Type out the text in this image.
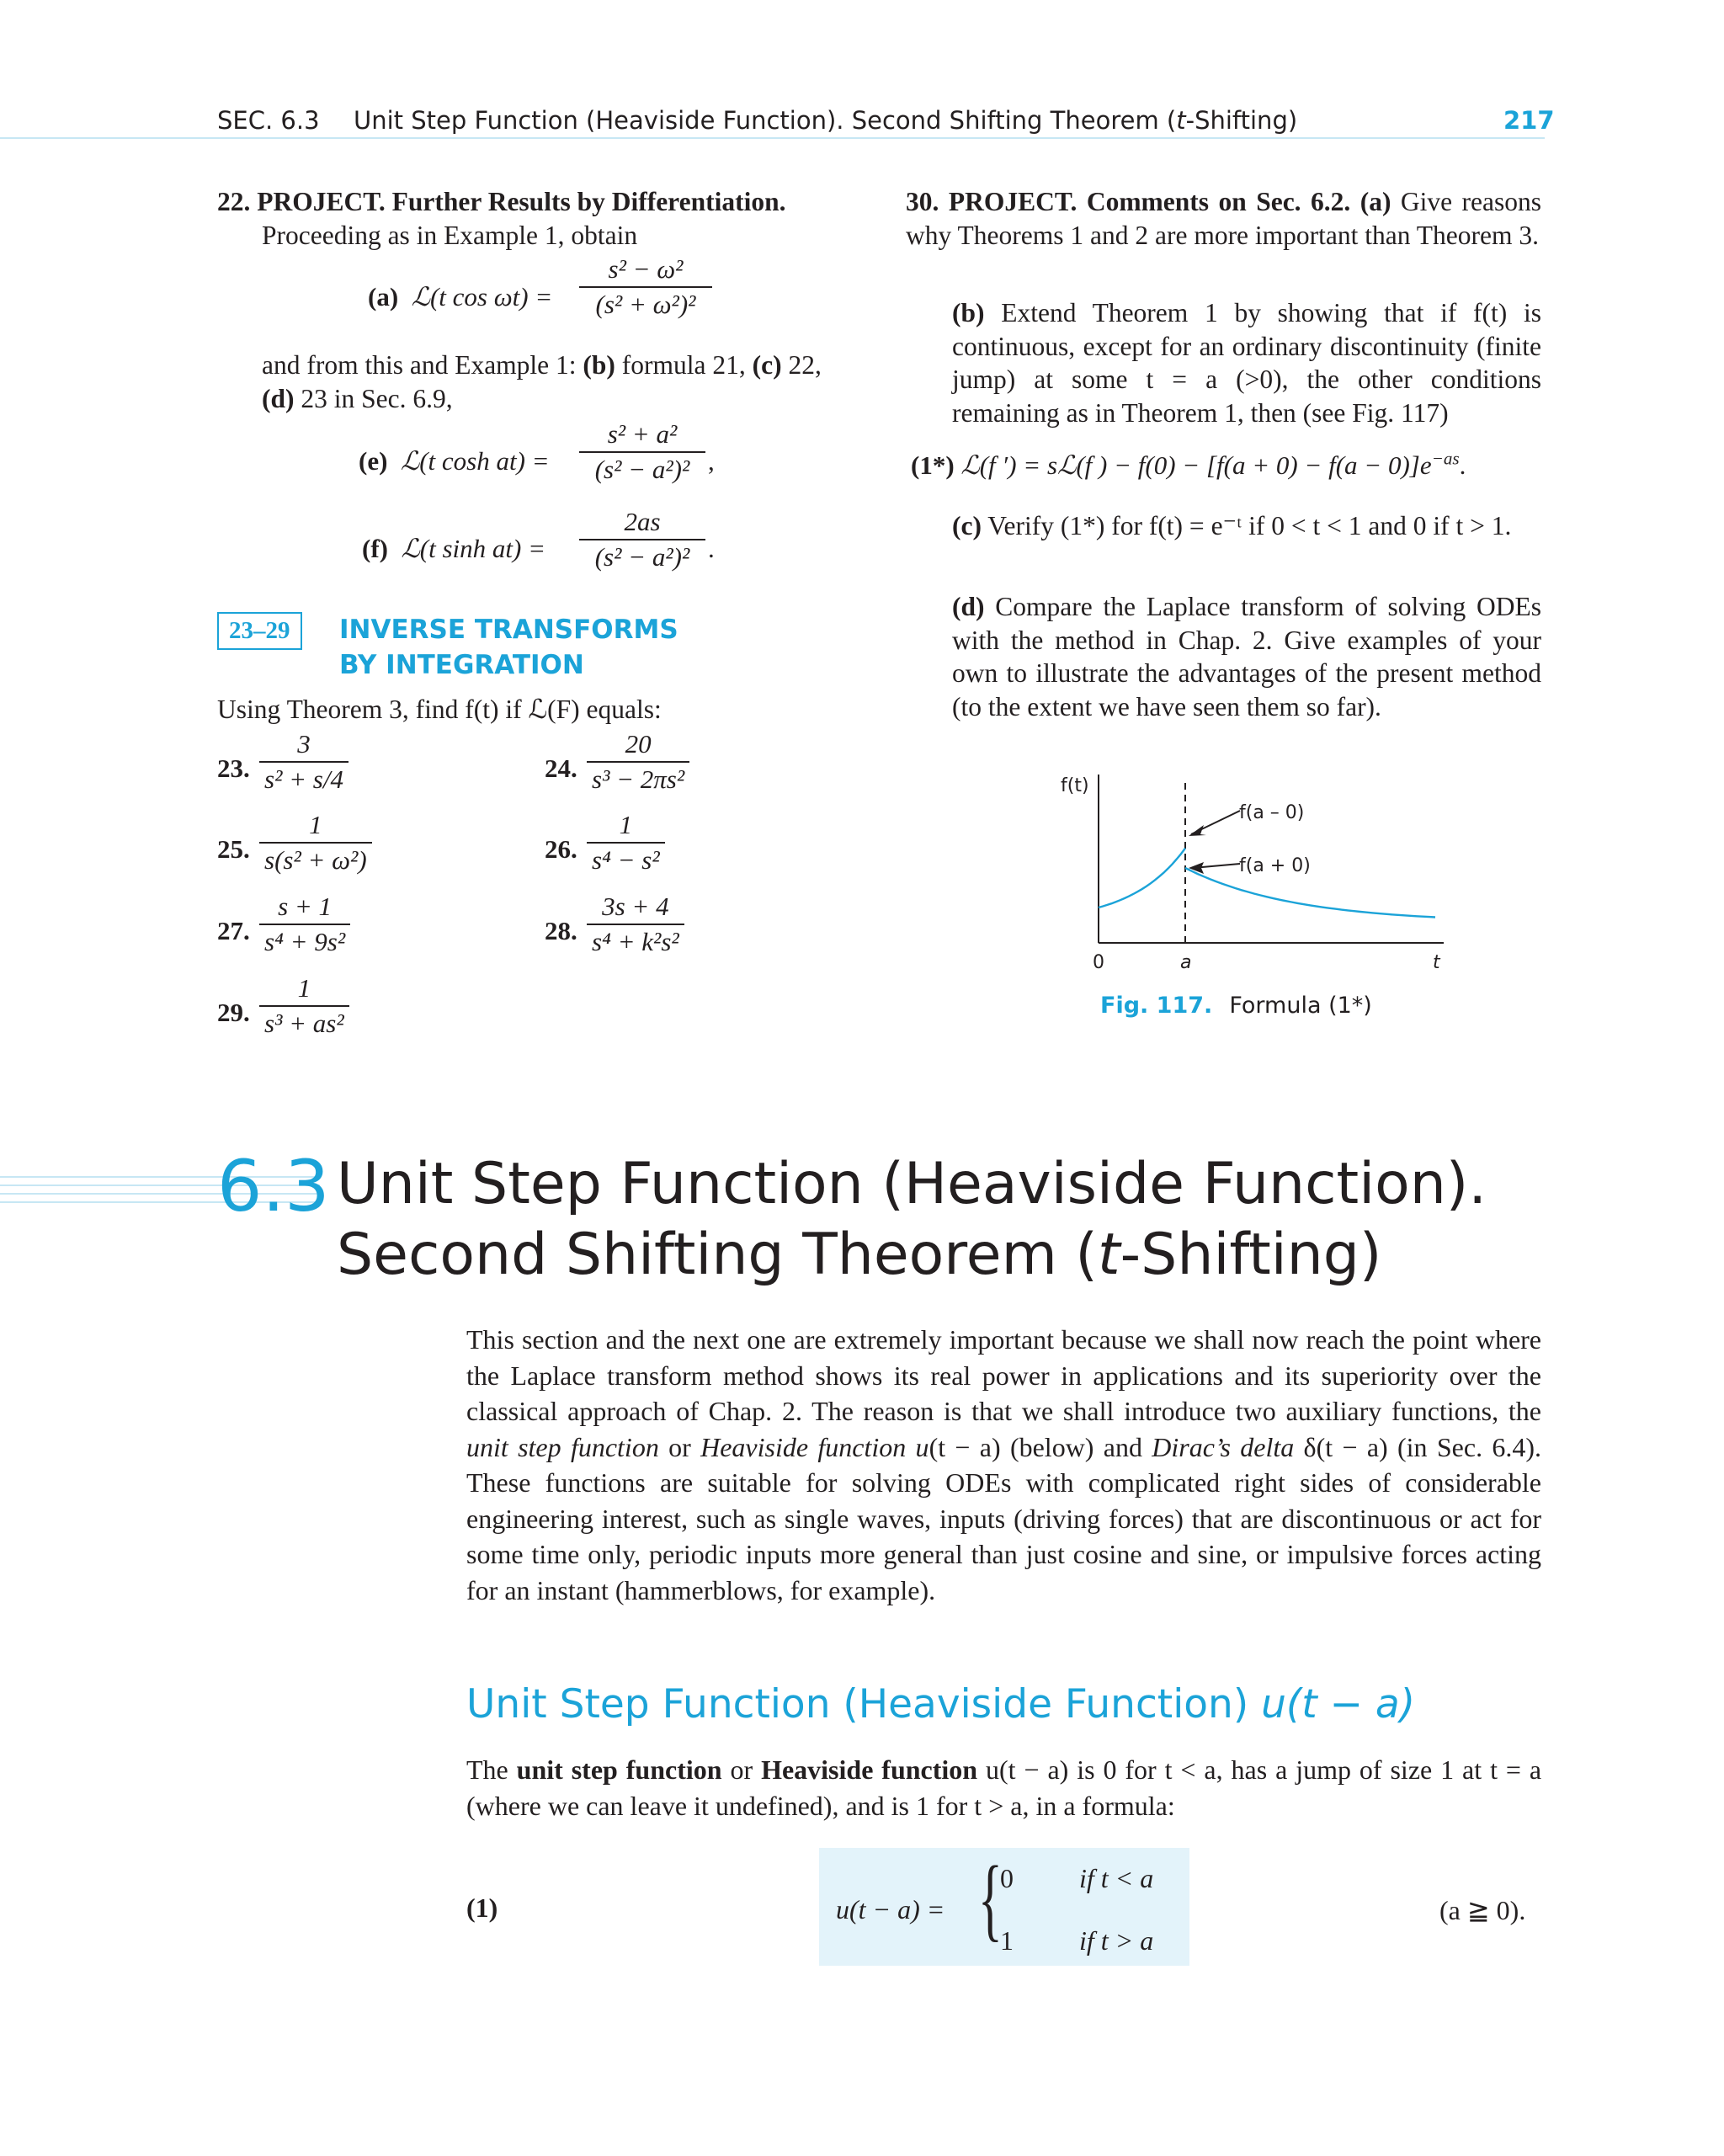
SEC. 6.3 Unit Step Function (Heaviside Function). Second Shifting Theorem (t-Shifting)	217
22. PROJECT. Further Results by Differentiation.
Proceeding as in Example 1, obtain
(a) ℒ(t cos ωt) =
s² − ω²
(s² + ω²)²
and from this and Example 1: (b) formula 21, (c) 22,
(d) 23 in Sec. 6.9,
(e) ℒ(t cosh at) =
s² + a²
(s² − a²)² ,
(f) ℒ(t sinh at) =
2as
(s² − a²)² .
23–29	INVERSE TRANSFORMS
BY INTEGRATION
Using Theorem 3, find f(t) if ℒ(F) equals:
23.
3
s² + s/4	24.
20
s³ − 2πs²
25.
1
s(s² + ω²)	26.
1
s⁴ − s²
27.
s + 1
s⁴ + 9s²	28.
3s + 4
s⁴ + k²s²
29.
1
s³ + as²
30. PROJECT. Comments on Sec. 6.2. (a) Give reasons why Theorems 1 and 2 are more important than Theorem 3.
(b) Extend Theorem 1 by showing that if f(t) is continuous, except for an ordinary discontinuity (finite jump) at some t = a (>0), the other conditions remaining as in Theorem 1, then (see Fig. 117)
(1*) ℒ(f ′) = sℒ(f ) − $f(0) - [f(a + 0) - f(a - 0)]e^{-as}$.
(c) Verify (1*) for f(t) = e⁻ᵗ if 0 < t < 1 and 0 if t > 1.
(d) Compare the Laplace transform of solving ODEs with the method in Chap. 2. Give examples of your own to illustrate the advantages of the present method (to the extent we have seen them so far).
f(t)
f(a – 0)
f(a + 0)
0	a	t
Fig. 117. Formula (1*)
6.3 Unit Step Function (Heaviside Function).
Second Shifting Theorem (t-Shifting)
This section and the next one are extremely important because we shall now reach the point where the Laplace transform method shows its real power in applications and its superiority over the classical approach of Chap. 2. The reason is that we shall introduce two auxiliary functions, the unit step function or Heaviside function u(t − a) (below) and Dirac’s delta δ(t − a) (in Sec. 6.4). These functions are suitable for solving ODEs with complicated right sides of considerable engineering interest, such as single waves, inputs (driving forces) that are discontinuous or act for some time only, periodic inputs more general than just cosine and sine, or impulsive forces acting for an instant (hammerblows, for example).
Unit Step Function (Heaviside Function) u(t − a)
The unit step function or Heaviside function u(t − a) is 0 for t < a, has a jump of size 1 at t = a (where we can leave it undefined), and is 1 for t > a, in a formula:
(1)	u(t − a) = {
0 if t < a
1 if t > a
(a ≧ 0).
